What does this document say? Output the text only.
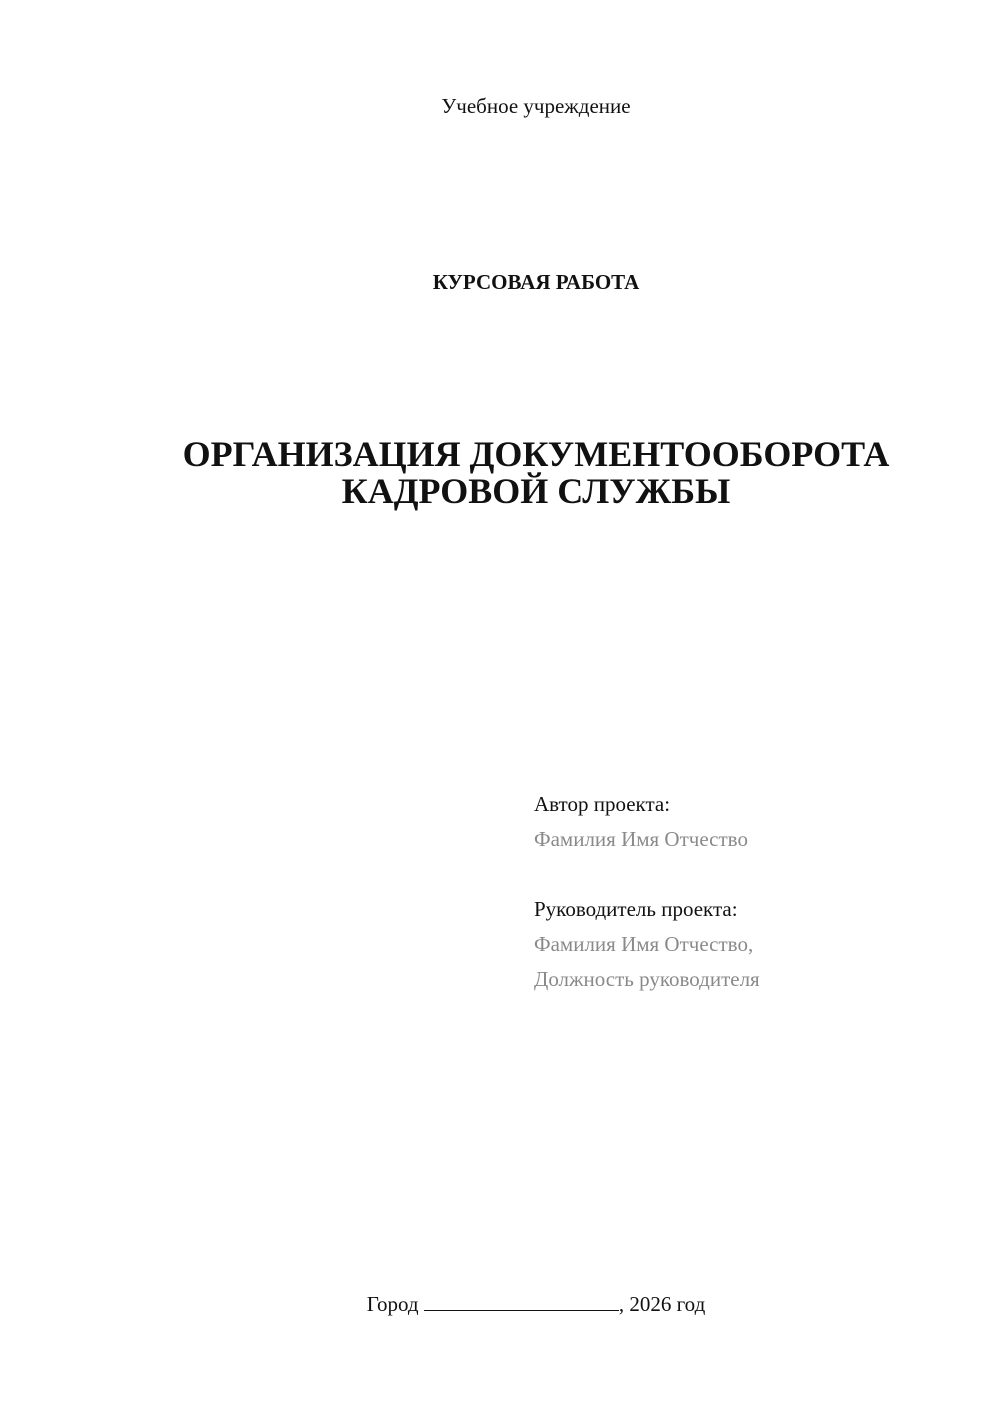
Учебное учреждение
КУРСОВАЯ РАБОТА
ОРГАНИЗАЦИЯ ДОКУМЕНТООБОРОТА
КАДРОВОЙ СЛУЖБЫ
Автор проекта:
Фамилия Имя Отчество
Руководитель проекта:
Фамилия Имя Отчество,
Должность руководителя
Город	, 2026 год
